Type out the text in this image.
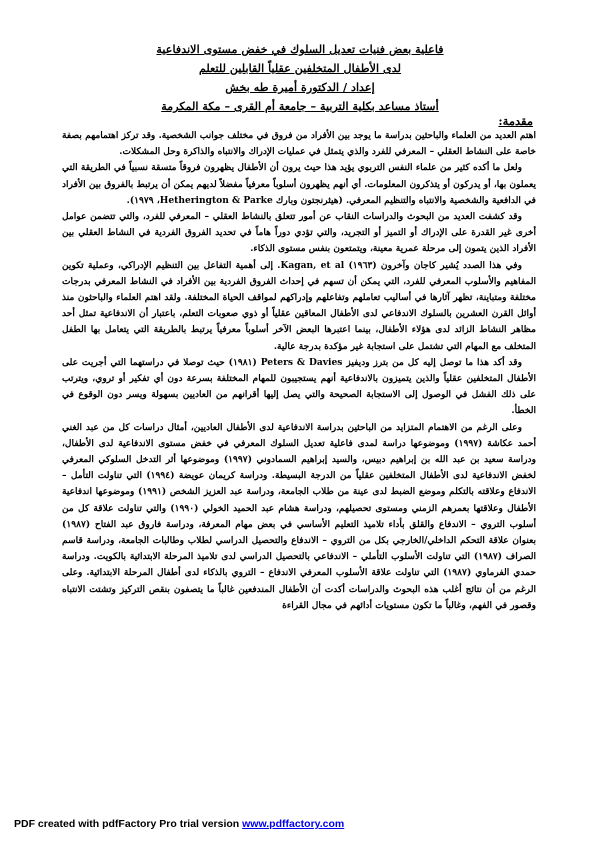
فاعلية بعض فنيات تعديل السلوك في خفض مستوى الاندفاعية
لدى الأطفال المتخلفين عقلياً القابلين للتعلم
إعداد / الدكتورة أميرة طه بخش
أستاذ مساعد بكلية التربية – جامعة أم القرى – مكة المكرمة
مقدمة:

اهتم العديد من العلماء والباحثين بدراسة ما يوجد بين الأفراد من فروق في مختلف جوانب الشخصية. وقد تركز اهتمامهم بصفة خاصة على النشاط العقلي – المعرفي للفرد والذي يتمثل في عمليات الإدراك والانتباه والذاكرة وحل المشكلات.

ولعل ما أكده كثير من علماء النفس التربوي يؤيد هذا حيث يرون أن الأطفال يظهرون فروقاً متسقة نسبياً في الطريقة التي يعملون بها، أو يدركون أو يتذكرون المعلومات. أي أنهم يظهرون أسلوباً معرفياً مفضلاً لديهم يمكن أن يرتبط بالفروق بين الأفراد في الدافعية والشخصية والانتباه والتنظيم المعرفي. (هيثرنجتون وبارك Hetherington & Parke، ١٩٧٩).

وقد كشفت العديد من البحوث والدراسات النقاب عن أمور تتعلق بالنشاط العقلي – المعرفي للفرد، والتي تتضمن عوامل أخرى غير القدرة على الإدراك أو التميز أو التجريد، والتي تؤدي دوراً هاماً في تحديد الفروق الفردية في النشاط العقلي بين الأفراد الذين يتمون إلى مرحلة عمرية معينة، ويتمتعون بنفس مستوى الذكاء.

وفي هذا الصدد يُشير كاجان وآخرون (١٩٦٣) Kagan, et al. إلى أهمية التفاعل بين التنظيم الإدراكي، وعملية تكوين المفاهيم والأسلوب المعرفي للفرد، التي يمكن أن تسهم في إحداث الفروق الفردية بين الأفراد في النشاط المعرفي بدرجات مختلفة ومتباينة، تظهر آثارها في أساليب تعاملهم وتفاعلهم وإدراكهم لمواقف الحياة المختلفة. ولقد اهتم العلماء والباحثون منذ أوائل القرن العشرين بالسلوك الاندفاعي لدى الأطفال المعاقين عقلياً أو ذوي صعوبات التعلم، باعتبار أن الاندفاعية تمثل أحد مظاهر النشاط الزائد لدى هؤلاء الأطفال، بينما اعتبرها البعض الآخر أسلوباً معرفياً يرتبط بالطريقة التي يتعامل بها الطفل المتخلف مع المهام التي تشتمل على استجابة غير مؤكدة بدرجة عالية.

وقد أكد هذا ما توصل إليه كل من بترز وديفيز Peters & Davies (١٩٨١) حيث توصلا في دراستهما التي أجريت على الأطفال المتخلفين عقلياً والذين يتميزون بالاندفاعية أنهم يستجيبون للمهام المختلفة بسرعة دون أي تفكير أو تروي، ويترتب على ذلك الفشل في الوصول إلى الاستجابة الصحيحة والتي يصل إليها أقرانهم من العاديين بسهولة ويسر دون الوقوع في الخطأ.

وعلى الرغم من الاهتمام المتزايد من الباحثين بدراسة الاندفاعية لدى الأطفال العاديين، أمثال دراسات كل من عبد الغني أحمد عكاشة (١٩٩٧) وموضوعها دراسة لمدى فاعلية تعديل السلوك المعرفي في خفض مستوى الاندفاعية لدى الأطفال، ودراسة سعيد بن عبد الله بن إبراهيم دبيس، والسيد إبراهيم السمادوني (١٩٩٧) وموضوعها أثر التدخل السلوكي المعرفي لخفض الاندفاعية لدى الأطفال المتخلفين عقلياً من الدرجة البسيطة. ودراسة كريمان عويضة (١٩٩٤) التي تناولت التأمل – الاندفاع وعلاقته بالتكلم وموضع الضبط لدى عينة من طلاب الجامعة، ودراسة عبد العزيز الشخص (١٩٩١) وموضوعها اندفاعية الأطفال وعلاقتها بعمرهم الزمني ومستوى تحصيلهم، ودراسة هشام عبد الحميد الخولي (١٩٩٠) والتي تناولت علاقة كل من أسلوب التروي – الاندفاع والقلق بأداء تلاميذ التعليم الأساسي في بعض مهام المعرفة، ودراسة فاروق عبد الفتاح (١٩٨٧) بعنوان علاقة التحكم الداخلي/الخارجي بكل من التروي – الاندفاع والتحصيل الدراسي لطلاب وطالبات الجامعة، ودراسة قاسم الصراف (١٩٨٧) التي تناولت الأسلوب التأملي – الاندفاعي بالتحصيل الدراسي لدى تلاميذ المرحلة الابتدائية بالكويت. ودراسة حمدي الفرماوي (١٩٨٧) التي تناولت علاقة الأسلوب المعرفي الاندفاع – التروي بالذكاء لدى أطفال المرحلة الابتدائية. وعلى الرغم من أن نتائج أغلب هذه البحوث والدراسات أكدت أن الأطفال المندفعين غالباً ما يتصفون بنقص التركيز وتشتت الانتباه وقصور في الفهم، وغالباً ما تكون مستويات أدائهم في مجال القراءة

PDF created with pdfFactory Pro trial version www.pdffactory.com
